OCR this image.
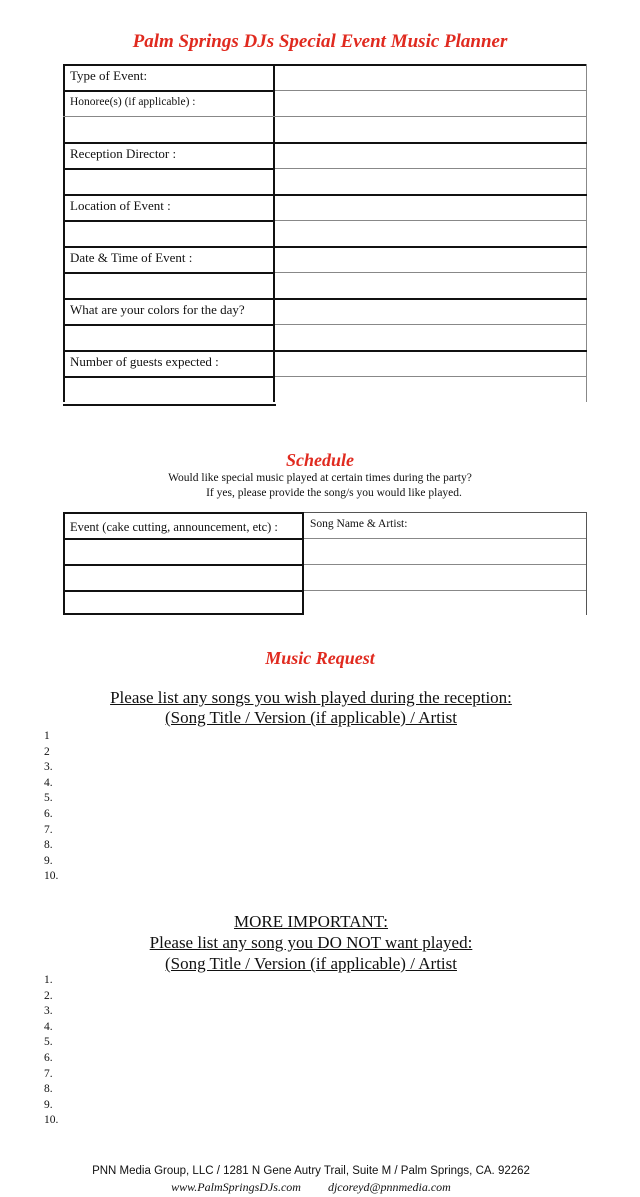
Palm Springs DJs Special Event Music Planner
Type of Event:
Honoree(s) (if applicable) :
Reception Director :
Location of Event :
Date & Time of Event :
What are your colors for the day?
Number of guests expected :
Schedule
Would like special music played at certain times during the party?
If yes, please provide the song/s you would like played.
Event (cake cutting, announcement, etc) :	Song Name & Artist:
Music Request
Please list any songs you wish played during the reception:
(Song Title / Version (if applicable) / Artist
1
2
3.
4.
5.
6.
7.
8.
9.
10.
MORE IMPORTANT:
Please list any song you DO NOT want played:
(Song Title / Version (if applicable) / Artist
1.
2.
3.
4.
5.
6.
7.
8.
9.
10.
PNN Media Group, LLC / 1281 N Gene Autry Trail, Suite M / Palm Springs, CA. 92262
www.PalmSpringsDJs.com djcoreyd@pnnmedia.com
